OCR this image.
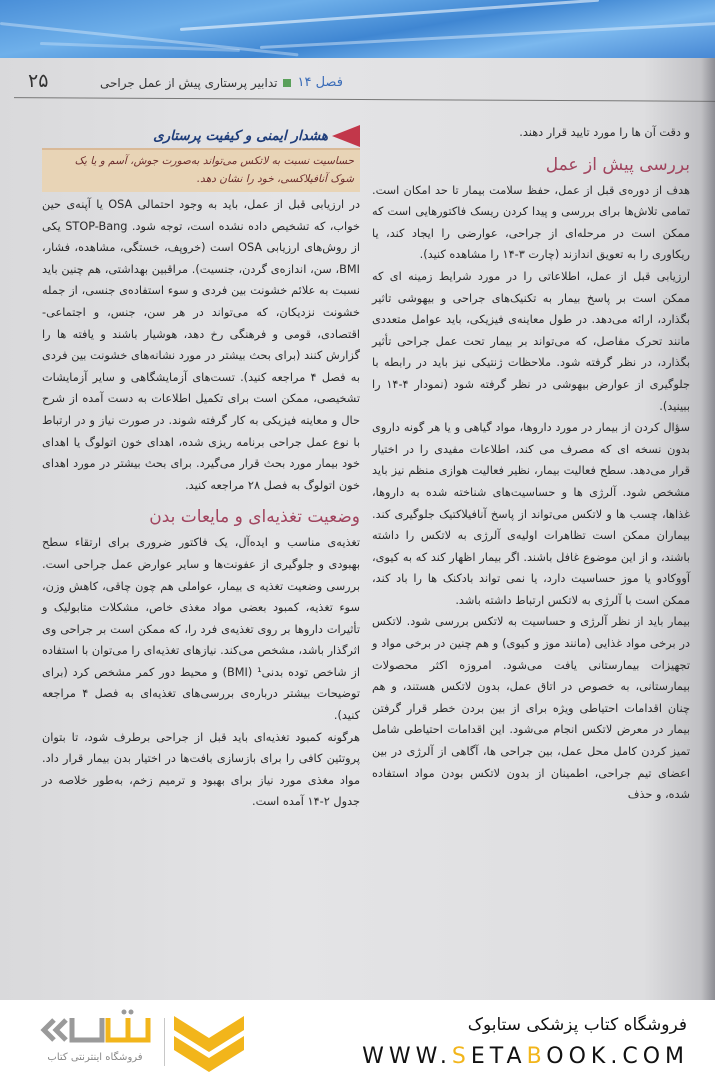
۲۵	فصل ۱۴
تدابیر پرستاری پیش از عمل جراحی
هشدار ایمنی و کیفیت پرستاری
حساسیت نسبت به لاتکس می‌تواند به‌صورت جوش، آسم و یا یک شوک آنافیلاکسی، خود را نشان دهد.

و دقت آن ها را مورد تایید قرار دهند.

بررسی پیش از عمل

هدف از دوره‌ی قبل از عمل، حفظ سلامت بیمار تا حد امکان است. تمامی تلاش‌ها برای بررسی و پیدا کردن ریسک فاکتورهایی است که ممکن است در مرحله‌ای از جراحی، عوارضی را ایجاد کند، یا ریکاوری را به تعویق اندازند (چارت ۳-۱۴ را مشاهده کنید).

ارزیابی قبل از عمل، اطلاعاتی را در مورد شرایط زمینه ای که ممکن است بر پاسخ بیمار به تکنیک‌های جراحی و بیهوشی تاثیر بگذارد، ارائه می‌دهد. در طول معاینه‌ی فیزیکی، باید عوامل متعددی مانند تحرک مفاصل، که می‌تواند بر بیمار تحت عمل جراحی تأثیر بگذارد، در نظر گرفته شود. ملاحظات ژنتیکی نیز باید در رابطه با جلوگیری از عوارض بیهوشی در نظر گرفته شود (نمودار ۴-۱۴ را ببینید).

سؤال کردن از بیمار در مورد داروها، مواد گیاهی و یا هر گونه داروی بدون نسخه ای که مصرف می کند، اطلاعات مفیدی را در اختیار قرار می‌دهد. سطح فعالیت بیمار، نظیر فعالیت هوازی منظم نیز باید مشخص شود. آلرژی ها و حساسیت‌های شناخته شده به داروها، غذاها، چسب ها و لاتکس می‌تواند از پاسخ آنافیلاکتیک جلوگیری کند. بیماران ممکن است تظاهرات اولیه‌ی آلرژی به لاتکس را داشته باشند، و از این موضوع غافل باشند. اگر بیمار اظهار کند که به کیوی، آووکادو یا موز حساسیت دارد، یا نمی تواند بادکنک ها را باد کند، ممکن است با آلرژی به لاتکس ارتباط داشته باشد.

بیمار باید از نظر آلرژی و حساسیت به لاتکس بررسی شود. لاتکس در برخی مواد غذایی (مانند موز و کیوی) و هم چنین در برخی مواد و تجهیزات بیمارستانی یافت می‌شود. امروزه اکثر محصولات بیمارستانی، به خصوص در اتاق عمل، بدون لاتکس هستند، و هم چنان اقدامات احتیاطی ویژه برای از بین بردن خطر قرار گرفتن بیمار در معرض لاتکس انجام می‌شود. این اقدامات احتیاطی شامل تمیز کردن کامل محل عمل، بین جراحی ها، آگاهی از آلرژی در بین اعضای تیم جراحی، اطمینان از بدون لاتکس بودن مواد استفاده شده، و حذف

در ارزیابی قبل از عمل، باید به وجود احتمالی OSA یا آپنه‌ی حین خواب، که تشخیص داده نشده است، توجه شود. STOP-Bang یکی از روش‌های ارزیابی OSA است (خروپف، خستگی، مشاهده، فشار، BMI، سن، اندازه‌ی گردن، جنسیت). مراقبین بهداشتی، هم چنین باید نسبت به علائم خشونت بین فردی و سوء استفاده‌ی جنسی، از جمله خشونت نزدیکان، که می‌تواند در هر سن، جنس، و اجتماعی-اقتصادی، قومی و فرهنگی رخ دهد، هوشیار باشند و یافته ها را گزارش کنند (برای بحث بیشتر در مورد نشانه‌های خشونت بین فردی به فصل ۴ مراجعه کنید). تست‌های آزمایشگاهی و سایر آزمایشات تشخیصی، ممکن است برای تکمیل اطلاعات به دست آمده از شرح حال و معاینه فیزیکی به کار گرفته شوند. در صورت نیاز و در ارتباط با نوع عمل جراحی برنامه ریزی شده، اهدای خون اتولوگ یا اهدای خود بیمار مورد بحث قرار می‌گیرد. برای بحث بیشتر در مورد اهدای خون اتولوگ به فصل ۲۸ مراجعه کنید.

وضعیت تغذیه‌ای و مایعات بدن

تغذیه‌ی مناسب و ایده‌آل، یک فاکتور ضروری برای ارتقاء سطح بهبودی و جلوگیری از عفونت‌ها و سایر عوارض عمل جراحی است. بررسی وضعیت تغذیه ی بیمار، عواملی هم چون چاقی، کاهش وزن، سوء تغذیه، کمبود بعضی مواد مغذی خاص، مشکلات متابولیک و تأثیرات داروها بر روی تغذیه‌ی فرد را، که ممکن است بر جراحی وی اثرگذار باشد، مشخص می‌کند. نیازهای تغذیه‌ای را می‌توان با استفاده از شاخص توده بدنی¹ (BMI) و محیط دور کمر مشخص کرد (برای توضیحات بیشتر درباره‌ی بررسی‌های تغذیه‌ای به فصل ۴ مراجعه کنید).

هرگونه کمبود تغذیه‌ای باید قبل از جراحی برطرف شود، تا بتوان پروتئین کافی را برای بازسازی بافت‌ها در اختیار بدن بیمار قرار داد. مواد مغذی مورد نیاز برای بهبود و ترمیم زخم، به‌طور خلاصه در جدول ۲-۱۴ آمده است.

فروشگاه اینترنتی کتاب
فروشگاه کتاب پزشکی ستابوک
WWW.SETABOOK.COM
